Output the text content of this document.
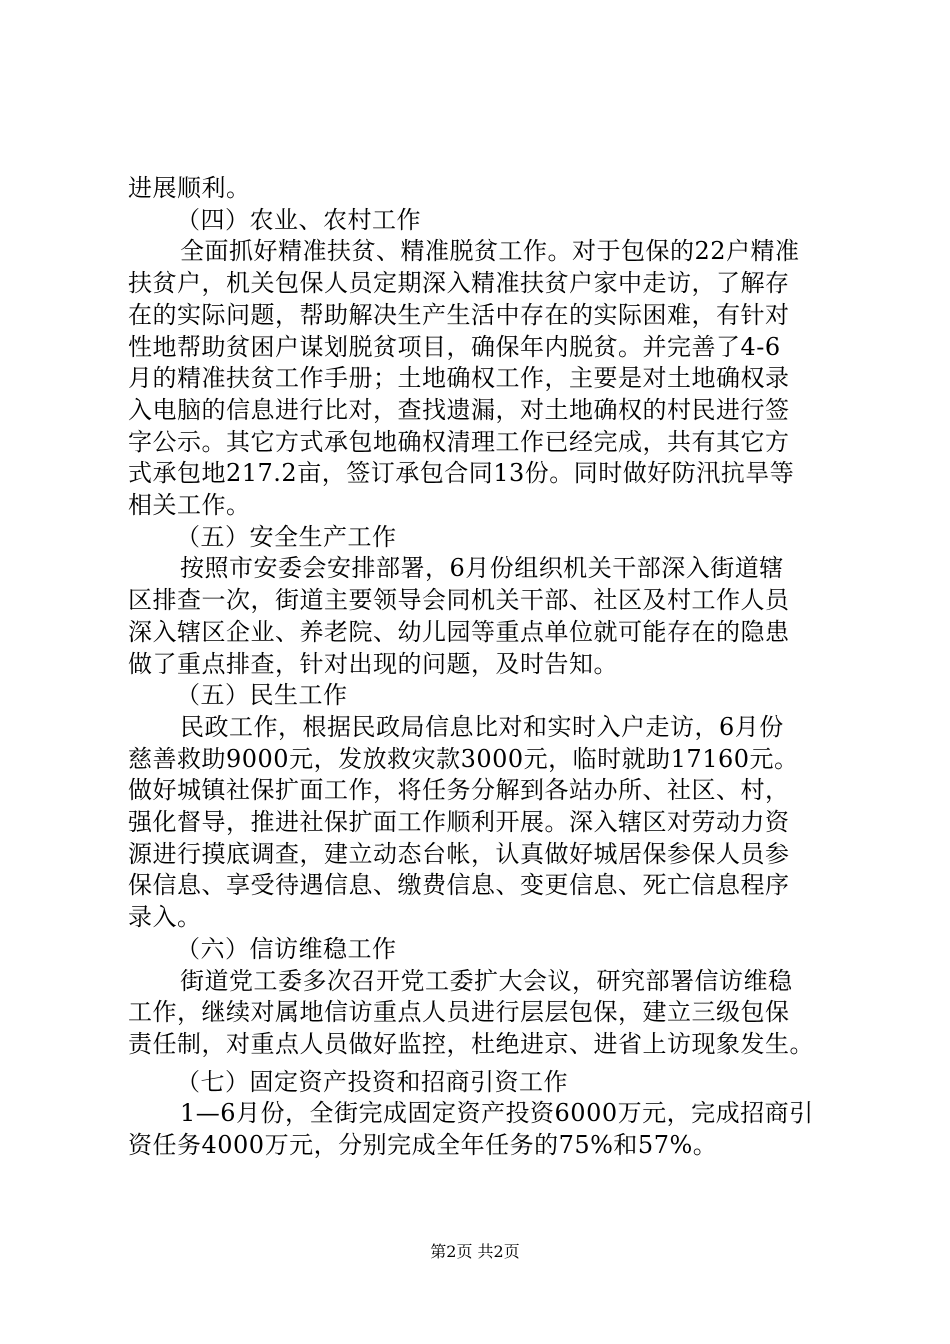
进展顺利。
（四）农业、农村工作
全面抓好精准扶贫、精准脱贫工作。对于包保的22户精准
扶贫户，机关包保人员定期深入精准扶贫户家中走访，了解存
在的实际问题，帮助解决生产生活中存在的实际困难，有针对
性地帮助贫困户谋划脱贫项目，确保年内脱贫。并完善了4-6
月的精准扶贫工作手册；土地确权工作，主要是对土地确权录
入电脑的信息进行比对，查找遗漏，对土地确权的村民进行签
字公示。其它方式承包地确权清理工作已经完成，共有其它方
式承包地217.2亩，签订承包合同13份。同时做好防汛抗旱等
相关工作。
（五）安全生产工作
按照市安委会安排部署，6月份组织机关干部深入街道辖
区排查一次，街道主要领导会同机关干部、社区及村工作人员
深入辖区企业、养老院、幼儿园等重点单位就可能存在的隐患
做了重点排查，针对出现的问题，及时告知。
（五）民生工作
民政工作，根据民政局信息比对和实时入户走访，6月份
慈善救助9000元，发放救灾款3000元，临时就助17160元。
做好城镇社保扩面工作，将任务分解到各站办所、社区、村，
强化督导，推进社保扩面工作顺利开展。深入辖区对劳动力资
源进行摸底调查，建立动态台帐，认真做好城居保参保人员参
保信息、享受待遇信息、缴费信息、变更信息、死亡信息程序
录入。
（六）信访维稳工作
街道党工委多次召开党工委扩大会议，研究部署信访维稳
工作，继续对属地信访重点人员进行层层包保，建立三级包保
责任制，对重点人员做好监控，杜绝进京、进省上访现象发生。
（七）固定资产投资和招商引资工作
1—6月份，全街完成固定资产投资6000万元，完成招商引
资任务4000万元，分别完成全年任务的75%和57%。
第2页 共2页
